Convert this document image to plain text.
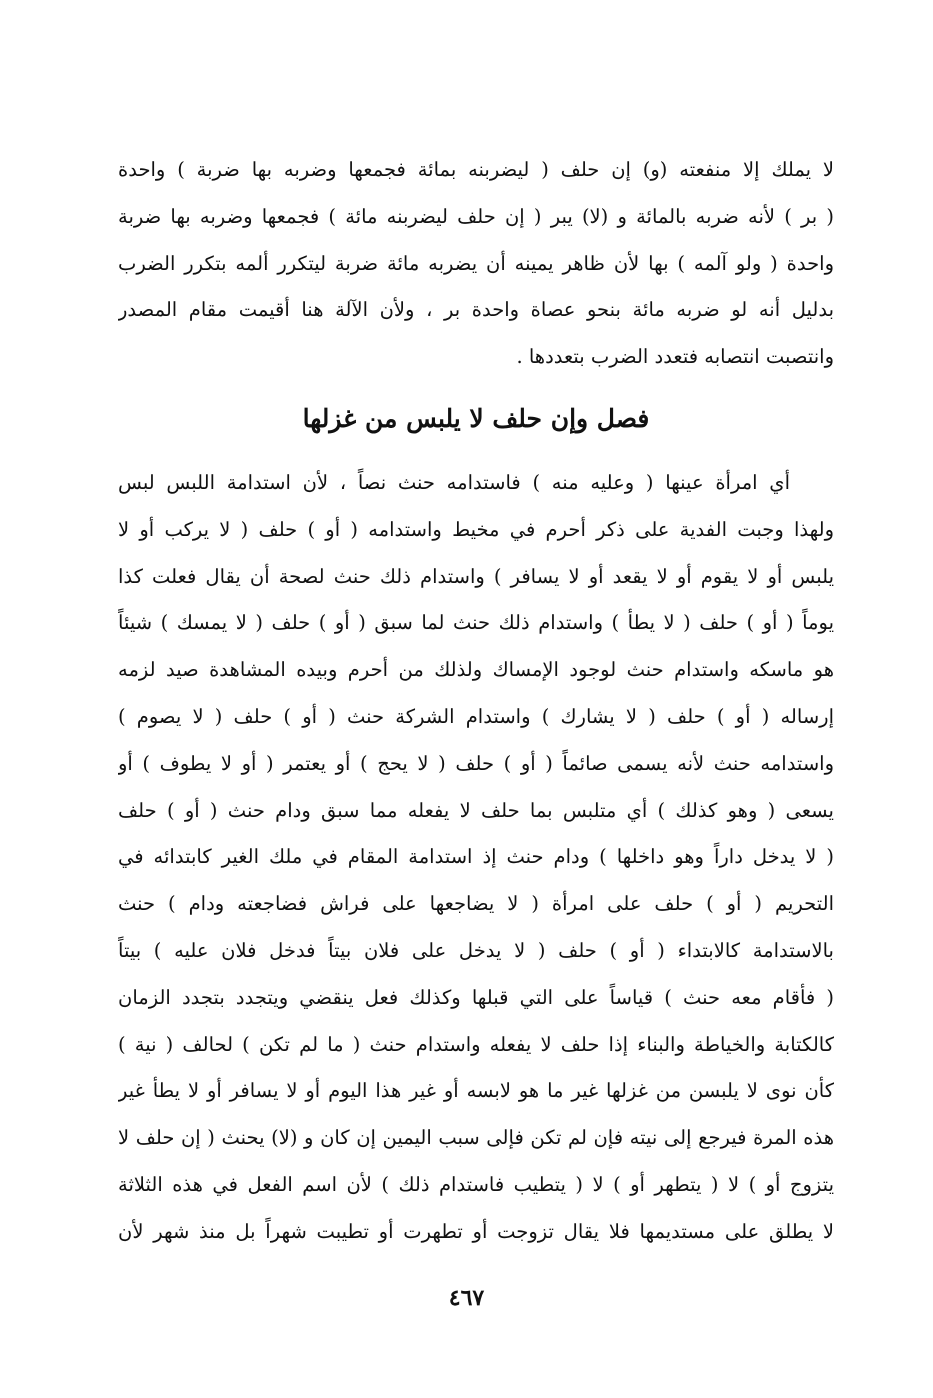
لا يملك إلا منفعته (و) إن حلف ( ليضربنه بمائة فجمعها وضربه بها ضربة ) واحدة
( بر ) لأنه ضربه بالمائة و (لا) يبر ( إن حلف ليضربنه مائة ) فجمعها وضربه بها ضربة
واحدة ( ولو آلمه ) بها لأن ظاهر يمينه أن يضربه مائة ضربة ليتكرر ألمه بتكرر الضرب
بدليل أنه لو ضربه مائة بنحو عصاة واحدة بر ، ولأن الآلة هنا أقيمت مقام المصدر
وانتصبت انتصابه فتعدد الضرب بتعددها .
فصل وإن حلف لا يلبس من غزلها
أي امرأة عينها ( وعليه منه ) فاستدامه حنث نصاً ، لأن استدامة اللبس لبس
ولهذا وجبت الفدية على ذكر أحرم في مخيط واستدامه ( أو ) حلف ( لا يركب أو لا
يلبس أو لا يقوم أو لا يقعد أو لا يسافر ) واستدام ذلك حنث لصحة أن يقال فعلت كذا
يوماً ( أو ) حلف ( لا يطأ ) واستدام ذلك حنث لما سبق ( أو ) حلف ( لا يمسك ) شيئاً
هو ماسكه واستدام حنث لوجود الإمساك ولذلك من أحرم وبيده المشاهدة صيد لزمه
إرساله ( أو ) حلف ( لا يشارك ) واستدام الشركة حنث ( أو ) حلف ( لا يصوم )
واستدامه حنث لأنه يسمى صائماً ( أو ) حلف ( لا يحج ) أو يعتمر ( أو لا يطوف ) أو
يسعى ( وهو كذلك ) أي متلبس بما حلف لا يفعله مما سبق ودام حنث ( أو ) حلف
( لا يدخل داراً وهو داخلها ) ودام حنث إذ استدامة المقام في ملك الغير كابتدائه في
التحريم ( أو ) حلف على امرأة ( لا يضاجعها على فراش فضاجعته ودام ) حنث
بالاستدامة كالابتداء ( أو ) حلف ( لا يدخل على فلان بيتاً فدخل فلان عليه ) بيتاً
( فأقام معه حنث ) قياساً على التي قبلها وكذلك فعل ينقضي ويتجدد بتجدد الزمان
كالكتابة والخياطة والبناء إذا حلف لا يفعله واستدام حنث ( ما لم تكن ) لحالف ( نية )
كأن نوى لا يلبسن من غزلها غير ما هو لابسه أو غير هذا اليوم أو لا يسافر أو لا يطأ غير
هذه المرة فيرجع إلى نيته فإن لم تكن فإلى سبب اليمين إن كان و (لا) يحنث ( إن حلف لا
يتزوج أو ) لا ( يتطهر أو ) لا ( يتطيب فاستدام ذلك ) لأن اسم الفعل في هذه الثلاثة
لا يطلق على مستديمها فلا يقال تزوجت أو تطهرت أو تطيبت شهراً بل منذ شهر لأن
٤٦٧
